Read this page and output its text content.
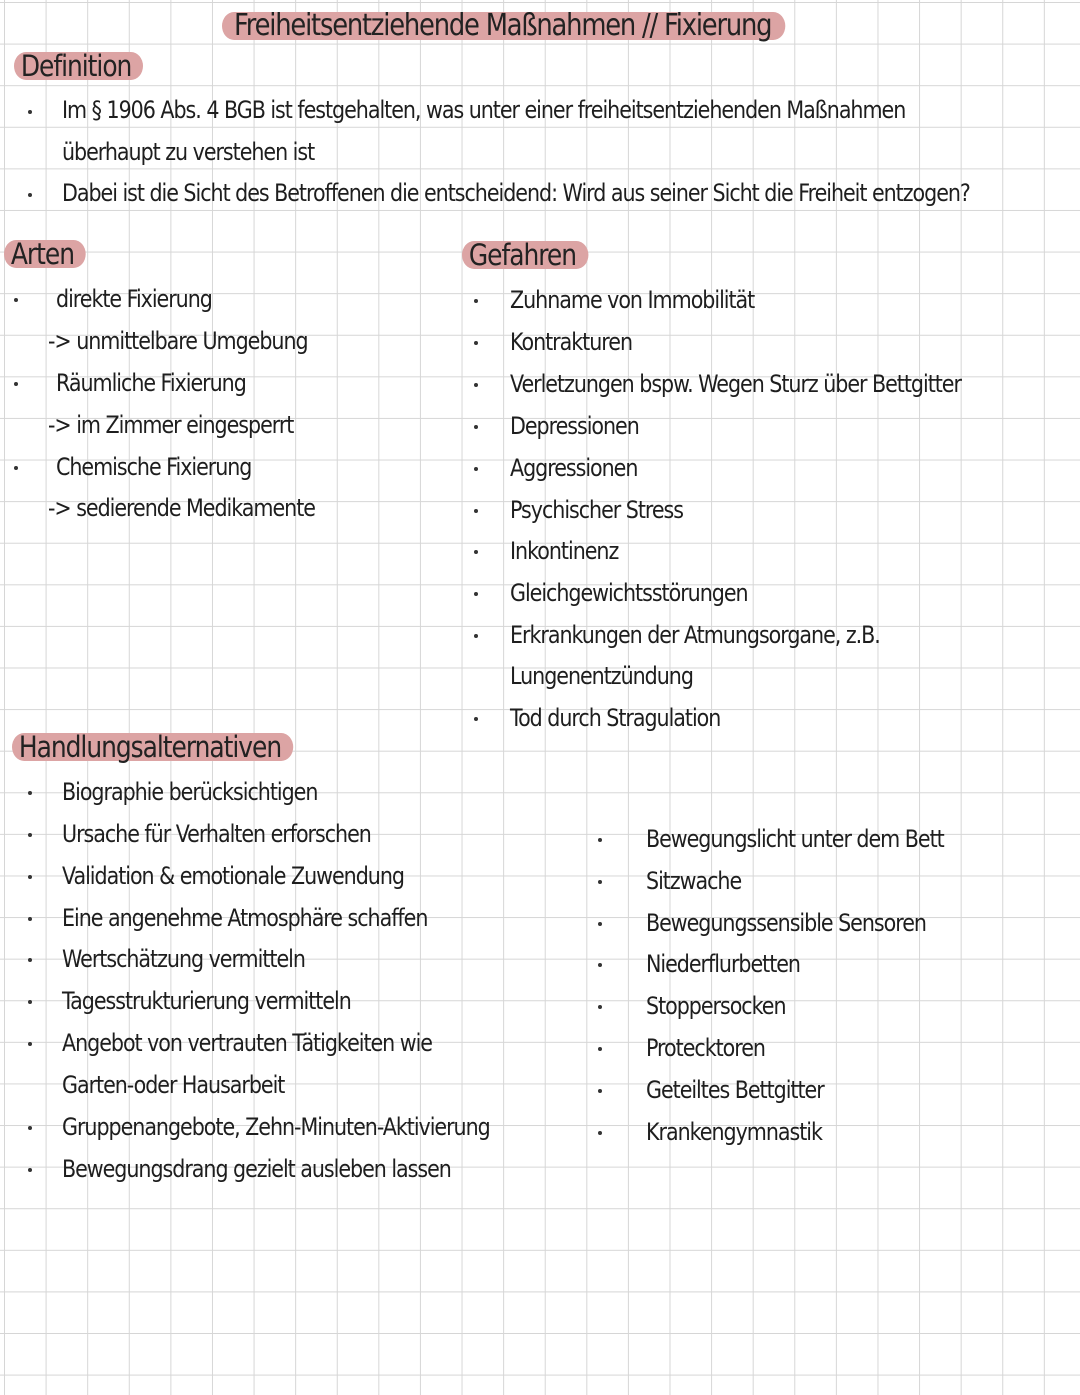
Freiheitsentziehende Maßnahmen // Fixierung
Definition
Im § 1906 Abs. 4 BGB ist festgehalten, was unter einer freiheitsentziehenden Maßnahmen
überhaupt zu verstehen ist
Dabei ist die Sicht des Betroffenen die entscheidend: Wird aus seiner Sicht die Freiheit entzogen?
Arten
direkte Fixierung
-> unmittelbare Umgebung
Räumliche Fixierung
-> im Zimmer eingesperrt
Chemische Fixierung
-> sedierende Medikamente
Gefahren
Zuhname von Immobilität
Kontrakturen
Verletzungen bspw. Wegen Sturz über Bettgitter
Depressionen
Aggressionen
Psychischer Stress
Inkontinenz
Gleichgewichtsstörungen
Erkrankungen der Atmungsorgane, z.B.
Lungenentzündung
Tod durch Stragulation
Handlungsalternativen
Biographie berücksichtigen
Ursache für Verhalten erforschen
Validation & emotionale Zuwendung
Eine angenehme Atmosphäre schaffen
Wertschätzung vermitteln
Tagesstrukturierung vermitteln
Angebot von vertrauten Tätigkeiten wie
Garten-oder Hausarbeit
Gruppenangebote, Zehn-Minuten-Aktivierung
Bewegungsdrang gezielt ausleben lassen
Bewegungslicht unter dem Bett
Sitzwache
Bewegungssensible Sensoren
Niederflurbetten
Stoppersocken
Protecktoren
Geteiltes Bettgitter
Krankengymnastik
